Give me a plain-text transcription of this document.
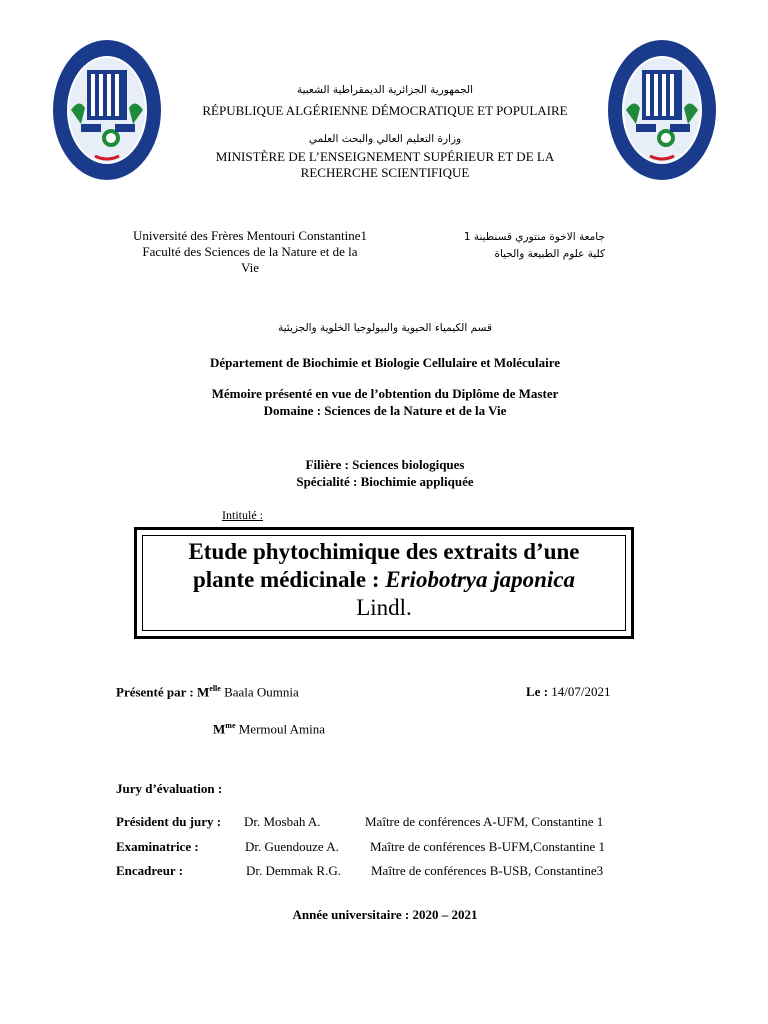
الجمهورية الجزائرية الديمقراطية الشعبية
RÉPUBLIQUE ALGÉRIENNE DÉMOCRATIQUE ET POPULAIRE
وزارة التعليم العالي والبحث العلمي
MINISTÈRE DE L’ENSEIGNEMENT SUPÉRIEUR ET DE LA
RECHERCHE SCIENTIFIQUE
Université des Frères Mentouri Constantine1
Faculté des Sciences de la Nature et de la
Vie
جامعة الاخوة منتوري قسنطينة 1
كلية علوم الطبيعة والحياة
قسم الكيمياء الحيوية والبيولوجيا الخلوية والجزيئية
Département de Biochimie et Biologie Cellulaire et Moléculaire
Mémoire présenté en vue de l’obtention du Diplôme de Master
Domaine : Sciences de la Nature et de la Vie
Filière : Sciences biologiques
Spécialité : Biochimie appliquée
Intitulé :
Etude phytochimique des extraits d’une
plante médicinale : Eriobotrya japonica
Lindl.
Présenté par : $M^{elle}$ Baala Oumnia	Le : 14/07/2021
$M^{me}$ Mermoul Amina
Jury d’évaluation :
Président du jury : Dr. Mosbah A.	Maître de conférences A-UFM, Constantine 1
Examinatrice :	Dr. Guendouze A. Maître de conférences B-UFM,Constantine 1
Encadreur :	Dr. Demmak R.G. Maître de conférences B-USB, Constantine3
Année universitaire : 2020 – 2021
